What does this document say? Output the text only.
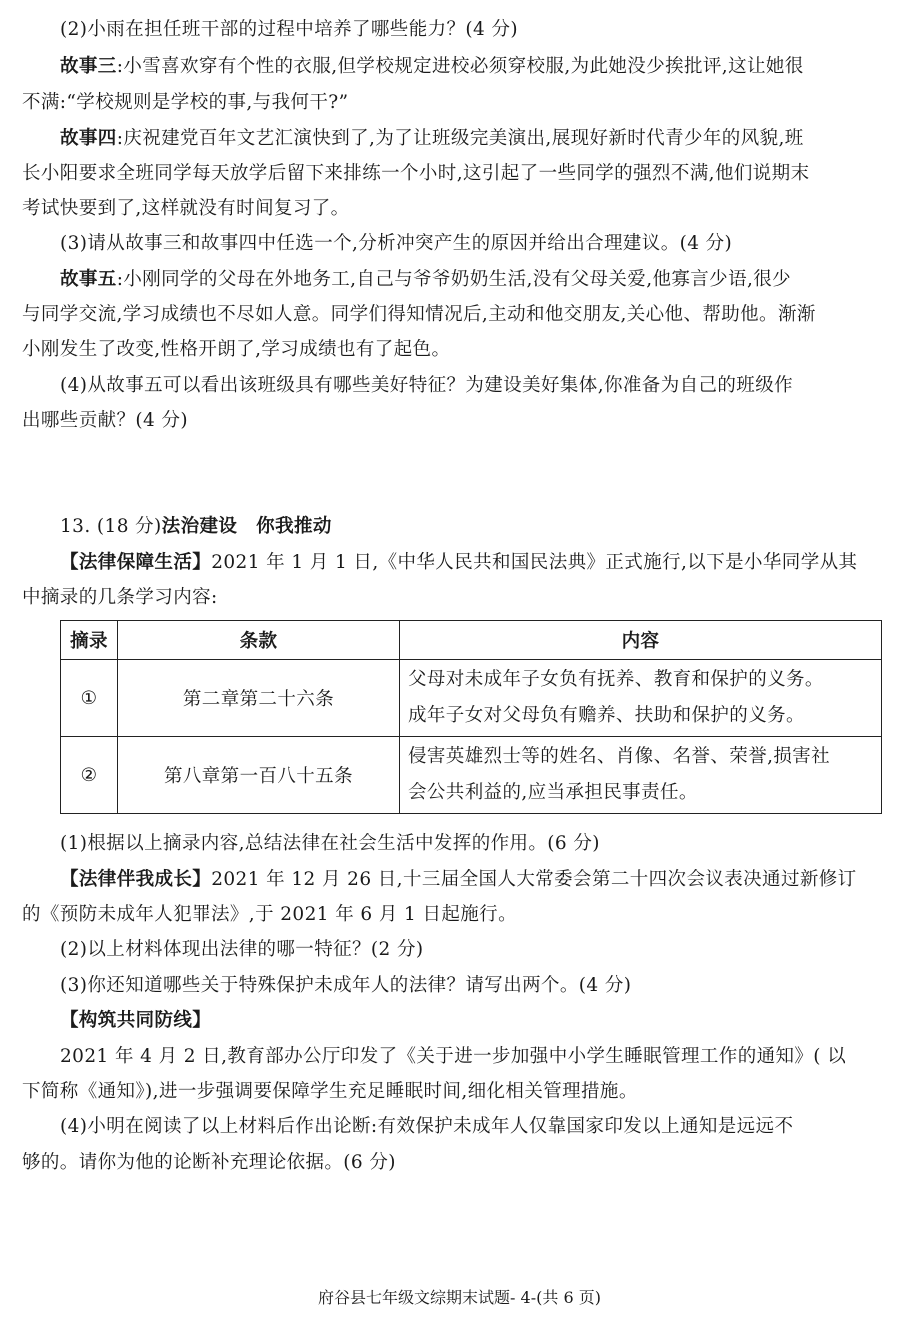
(2)小雨在担任班干部的过程中培养了哪些能力？(4 分)
故事三:小雪喜欢穿有个性的衣服,但学校规定进校必须穿校服,为此她没少挨批评,这让她很
不满:“学校规则是学校的事,与我何干?”
故事四:庆祝建党百年文艺汇演快到了,为了让班级完美演出,展现好新时代青少年的风貌,班
长小阳要求全班同学每天放学后留下来排练一个小时,这引起了一些同学的强烈不满,他们说期末
考试快要到了,这样就没有时间复习了。
(3)请从故事三和故事四中任选一个,分析冲突产生的原因并给出合理建议。(4 分)
故事五:小刚同学的父母在外地务工,自己与爷爷奶奶生活,没有父母关爱,他寡言少语,很少
与同学交流,学习成绩也不尽如人意。同学们得知情况后,主动和他交朋友,关心他、帮助他。渐渐
小刚发生了改变,性格开朗了,学习成绩也有了起色。
(4)从故事五可以看出该班级具有哪些美好特征？为建设美好集体,你准备为自己的班级作
出哪些贡献？(4 分)
13. (18 分)法治建设　你我推动
【法律保障生活】2021 年 1 月 1 日,《中华人民共和国民法典》正式施行,以下是小华同学从其
中摘录的几条学习内容:
摘录	条款	内容
①	第二章第二十六条	父母对未成年子女负有抚养、教育和保护的义务。
成年子女对父母负有赡养、扶助和保护的义务。

②	第八章第一百八十五条	侵害英雄烈士等的姓名、肖像、名誉、荣誉,损害社
会公共利益的,应当承担民事责任。
(1)根据以上摘录内容,总结法律在社会生活中发挥的作用。(6 分)
【法律伴我成长】2021 年 12 月 26 日,十三届全国人大常委会第二十四次会议表决通过新修订
的《预防未成年人犯罪法》,于 2021 年 6 月 1 日起施行。
(2)以上材料体现出法律的哪一特征？(2 分)
(3)你还知道哪些关于特殊保护未成年人的法律？请写出两个。(4 分)
【构筑共同防线】
2021 年 4 月 2 日,教育部办公厅印发了《关于进一步加强中小学生睡眠管理工作的通知》( 以
下简称《通知》),进一步强调要保障学生充足睡眠时间,细化相关管理措施。
(4)小明在阅读了以上材料后作出论断:有效保护未成年人仅靠国家印发以上通知是远远不
够的。请你为他的论断补充理论依据。(6 分)
府谷县七年级文综期末试题- 4-(共 6 页)
